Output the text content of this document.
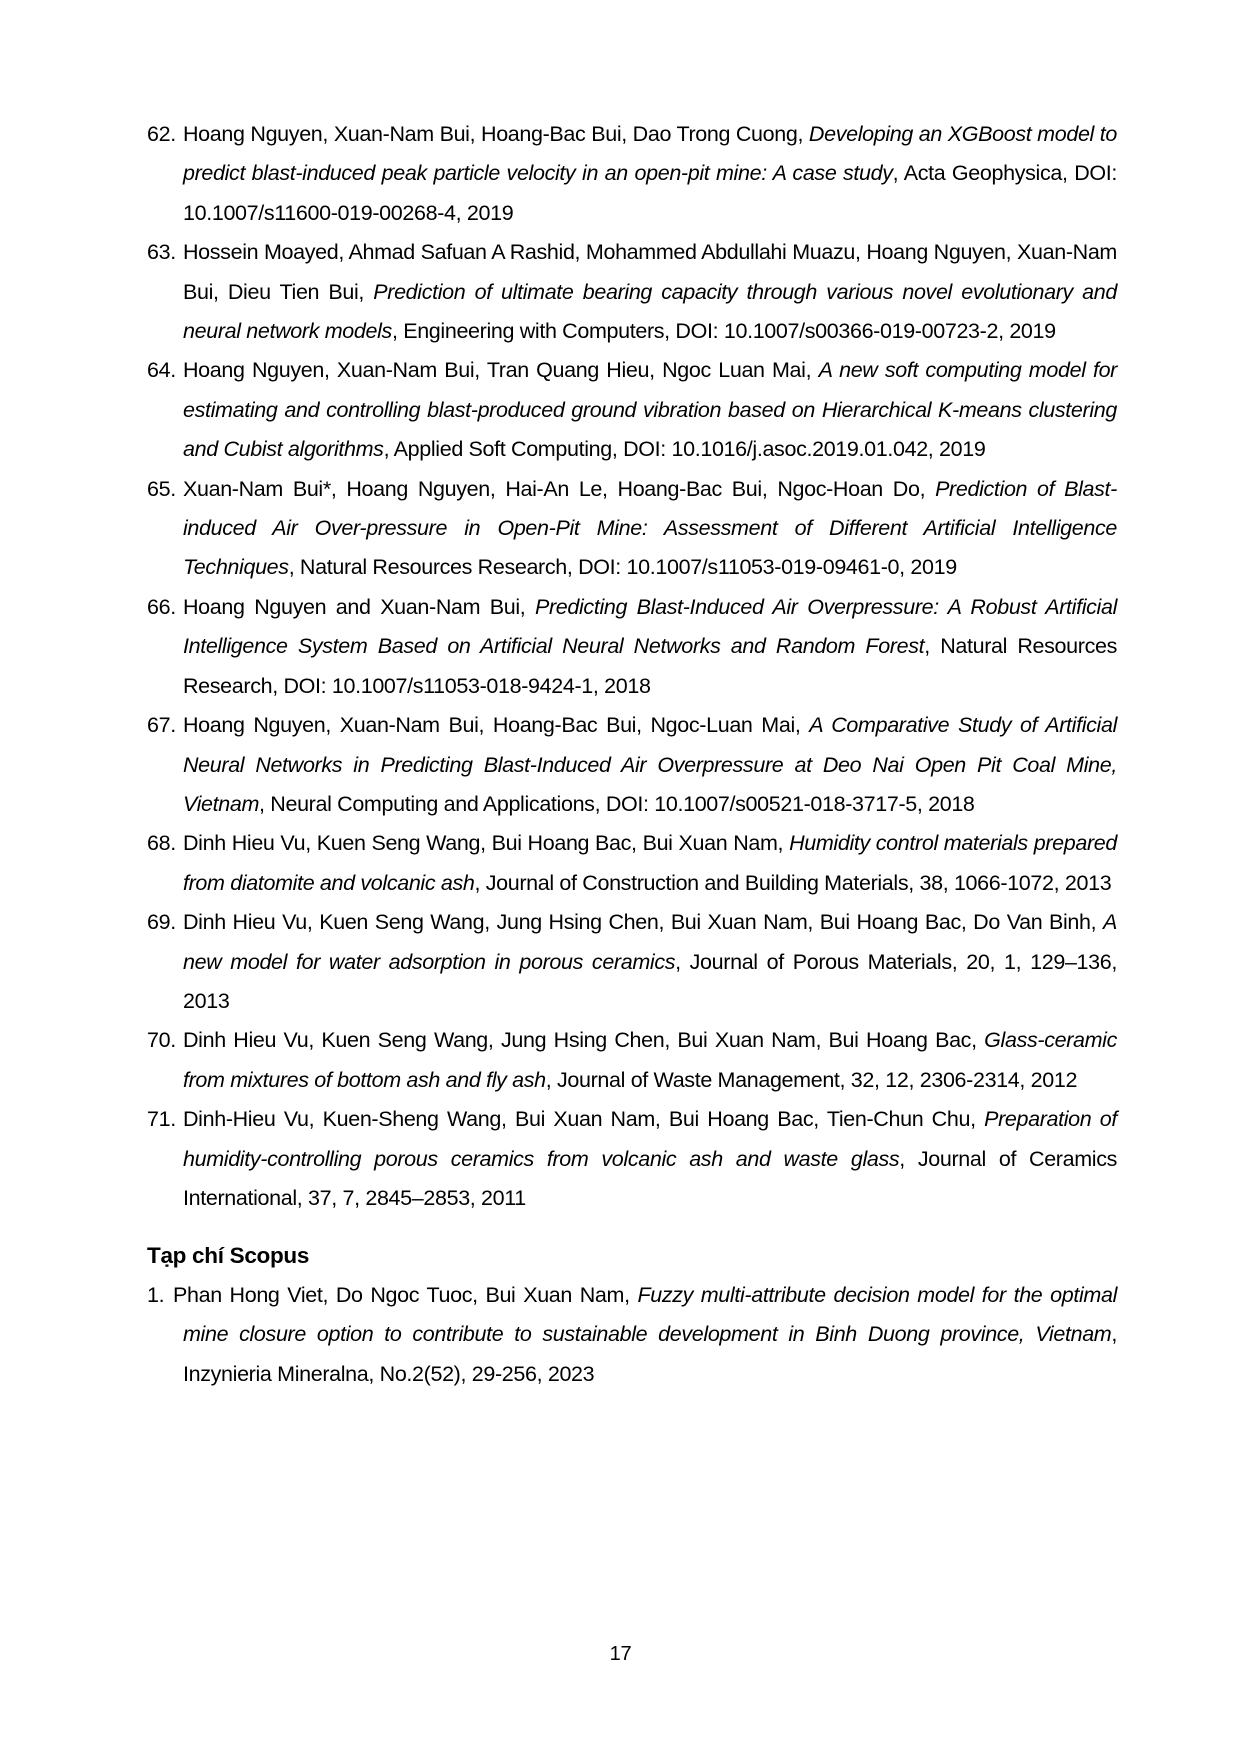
62. Hoang Nguyen, Xuan-Nam Bui, Hoang-Bac Bui, Dao Trong Cuong, Developing an XGBoost model to predict blast-induced peak particle velocity in an open-pit mine: A case study, Acta Geophysica, DOI: 10.1007/s11600-019-00268-4, 2019
63. Hossein Moayed, Ahmad Safuan A Rashid, Mohammed Abdullahi Muazu, Hoang Nguyen, Xuan-Nam Bui, Dieu Tien Bui, Prediction of ultimate bearing capacity through various novel evolutionary and neural network models, Engineering with Computers, DOI: 10.1007/s00366-019-00723-2, 2019
64. Hoang Nguyen, Xuan-Nam Bui, Tran Quang Hieu, Ngoc Luan Mai, A new soft computing model for estimating and controlling blast-produced ground vibration based on Hierarchical K-means clustering and Cubist algorithms, Applied Soft Computing, DOI: 10.1016/j.asoc.2019.01.042, 2019
65. Xuan-Nam Bui*, Hoang Nguyen, Hai-An Le, Hoang-Bac Bui, Ngoc-Hoan Do, Prediction of Blast-induced Air Over-pressure in Open-Pit Mine: Assessment of Different Artificial Intelligence Techniques, Natural Resources Research, DOI: 10.1007/s11053-019-09461-0, 2019
66. Hoang Nguyen and Xuan-Nam Bui, Predicting Blast-Induced Air Overpressure: A Robust Artificial Intelligence System Based on Artificial Neural Networks and Random Forest, Natural Resources Research, DOI: 10.1007/s11053-018-9424-1, 2018
67. Hoang Nguyen, Xuan-Nam Bui, Hoang-Bac Bui, Ngoc-Luan Mai, A Comparative Study of Artificial Neural Networks in Predicting Blast-Induced Air Overpressure at Deo Nai Open Pit Coal Mine, Vietnam, Neural Computing and Applications, DOI: 10.1007/s00521-018-3717-5, 2018
68. Dinh Hieu Vu, Kuen Seng Wang, Bui Hoang Bac, Bui Xuan Nam, Humidity control materials prepared from diatomite and volcanic ash, Journal of Construction and Building Materials, 38, 1066-1072, 2013
69. Dinh Hieu Vu, Kuen Seng Wang, Jung Hsing Chen, Bui Xuan Nam, Bui Hoang Bac, Do Van Binh, A new model for water adsorption in porous ceramics, Journal of Porous Materials, 20, 1, 129–136, 2013
70. Dinh Hieu Vu, Kuen Seng Wang, Jung Hsing Chen, Bui Xuan Nam, Bui Hoang Bac, Glass-ceramic from mixtures of bottom ash and fly ash, Journal of Waste Management, 32, 12, 2306-2314, 2012
71. Dinh-Hieu Vu, Kuen-Sheng Wang, Bui Xuan Nam, Bui Hoang Bac, Tien-Chun Chu, Preparation of humidity-controlling porous ceramics from volcanic ash and waste glass, Journal of Ceramics International, 37, 7, 2845–2853, 2011
Tạp chí Scopus
1. Phan Hong Viet, Do Ngoc Tuoc, Bui Xuan Nam, Fuzzy multi-attribute decision model for the optimal mine closure option to contribute to sustainable development in Binh Duong province, Vietnam, Inzynieria Mineralna, No.2(52), 29-256, 2023
17
